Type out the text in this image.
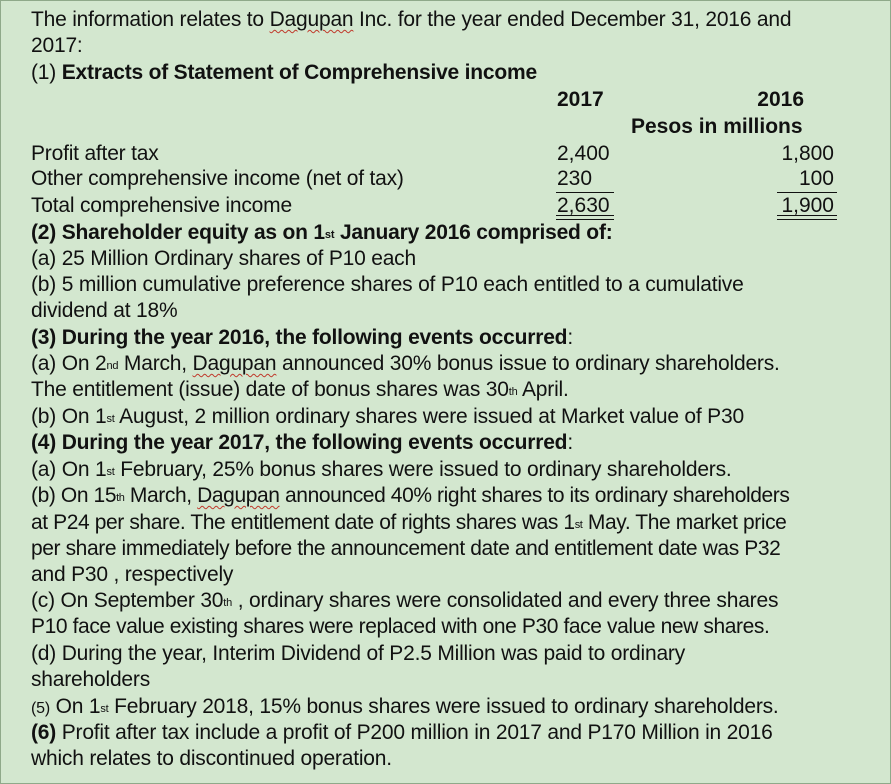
The information relates to Dagupan Inc. for the year ended December 31, 2016 and
2017:
(1) Extracts of Statement of Comprehensive income
2017	2016
Pesos in millions
Profit after tax	2,400	1,800
Other comprehensive income (net of tax)	230	100
Total comprehensive income	2,630	1,900
(2) Shareholder equity as on 1st January 2016 comprised of:
(a) 25 Million Ordinary shares of P10 each
(b) 5 million cumulative preference shares of P10 each entitled to a cumulative
dividend at 18%
(3) During the year 2016, the following events occurred:
(a) On 2nd March, Dagupan announced 30% bonus issue to ordinary shareholders.
The entitlement (issue) date of bonus shares was 30th April.
(b) On 1st August, 2 million ordinary shares were issued at Market value of P30
(4) During the year 2017, the following events occurred:
(a) On 1st February, 25% bonus shares were issued to ordinary shareholders.
(b) On 15th March, Dagupan announced 40% right shares to its ordinary shareholders
at P24 per share. The entitlement date of rights shares was 1st May. The market price
per share immediately before the announcement date and entitlement date was P32
and P30 , respectively
(c) On September 30th , ordinary shares were consolidated and every three shares
P10 face value existing shares were replaced with one P30 face value new shares.
(d) During the year, Interim Dividend of P2.5 Million was paid to ordinary
shareholders
(5) On 1st February 2018, 15% bonus shares were issued to ordinary shareholders.
(6) Profit after tax include a profit of P200 million in 2017 and P170 Million in 2016
which relates to discontinued operation.
